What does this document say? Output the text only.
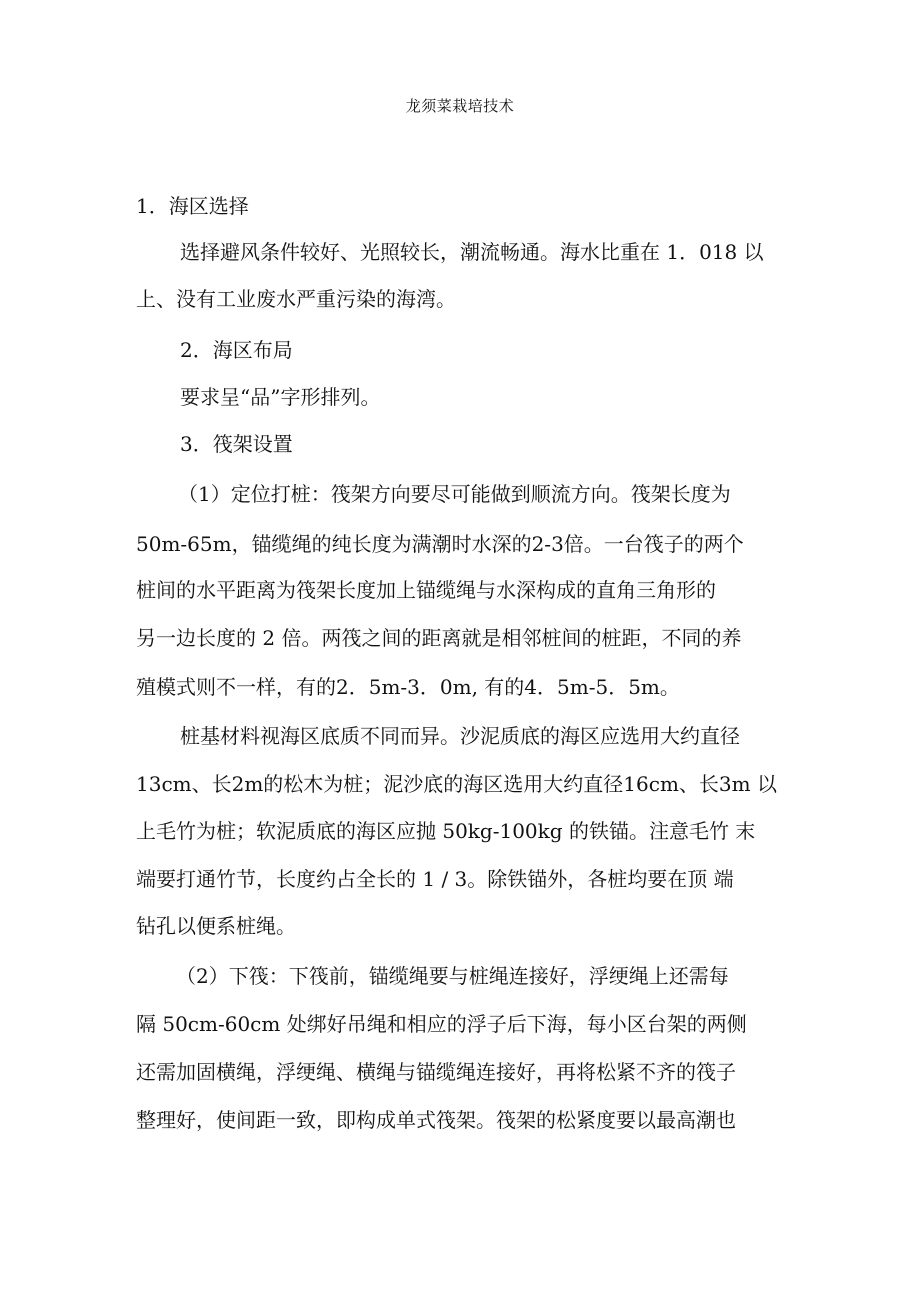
龙须菜栽培技术

1．海区选择

选择避风条件较好、光照较长，潮流畅通。海水比重在 1．018 以

上、没有工业废水严重污染的海湾。

2．海区布局

要求呈“品”字形排列。

3．筏架设置

（1）定位打桩：筏架方向要尽可能做到顺流方向。筏架长度为

50m-65m，锚缆绳的纯长度为满潮时水深的2-3倍。一台筏子的两个

桩间的水平距离为筏架长度加上锚缆绳与水深构成的直角三角形的

另一边长度的 2 倍。两筏之间的距离就是相邻桩间的桩距，不同的养

殖模式则不一样，有的2．5m-3．0m, 有的4．5m-5．5m。

桩基材料视海区底质不同而异。沙泥质底的海区应选用大约直径

13cm、长2m的松木为桩；泥沙底的海区选用大约直径16cm、长3m 以

上毛竹为桩；软泥质底的海区应抛 50kg-100kg 的铁锚。注意毛竹 末

端要打通竹节，长度约占全长的 1 / 3。除铁锚外，各桩均要在顶 端

钻孔以便系桩绳。

（2）下筏：下筏前，锚缆绳要与桩绳连接好，浮绠绳上还需每

隔 50cm-60cm 处绑好吊绳和相应的浮子后下海，每小区台架的两侧

还需加固横绳，浮绠绳、横绳与锚缆绳连接好，再将松紧不齐的筏子

整理好，使间距一致，即构成单式筏架。筏架的松紧度要以最高潮也
